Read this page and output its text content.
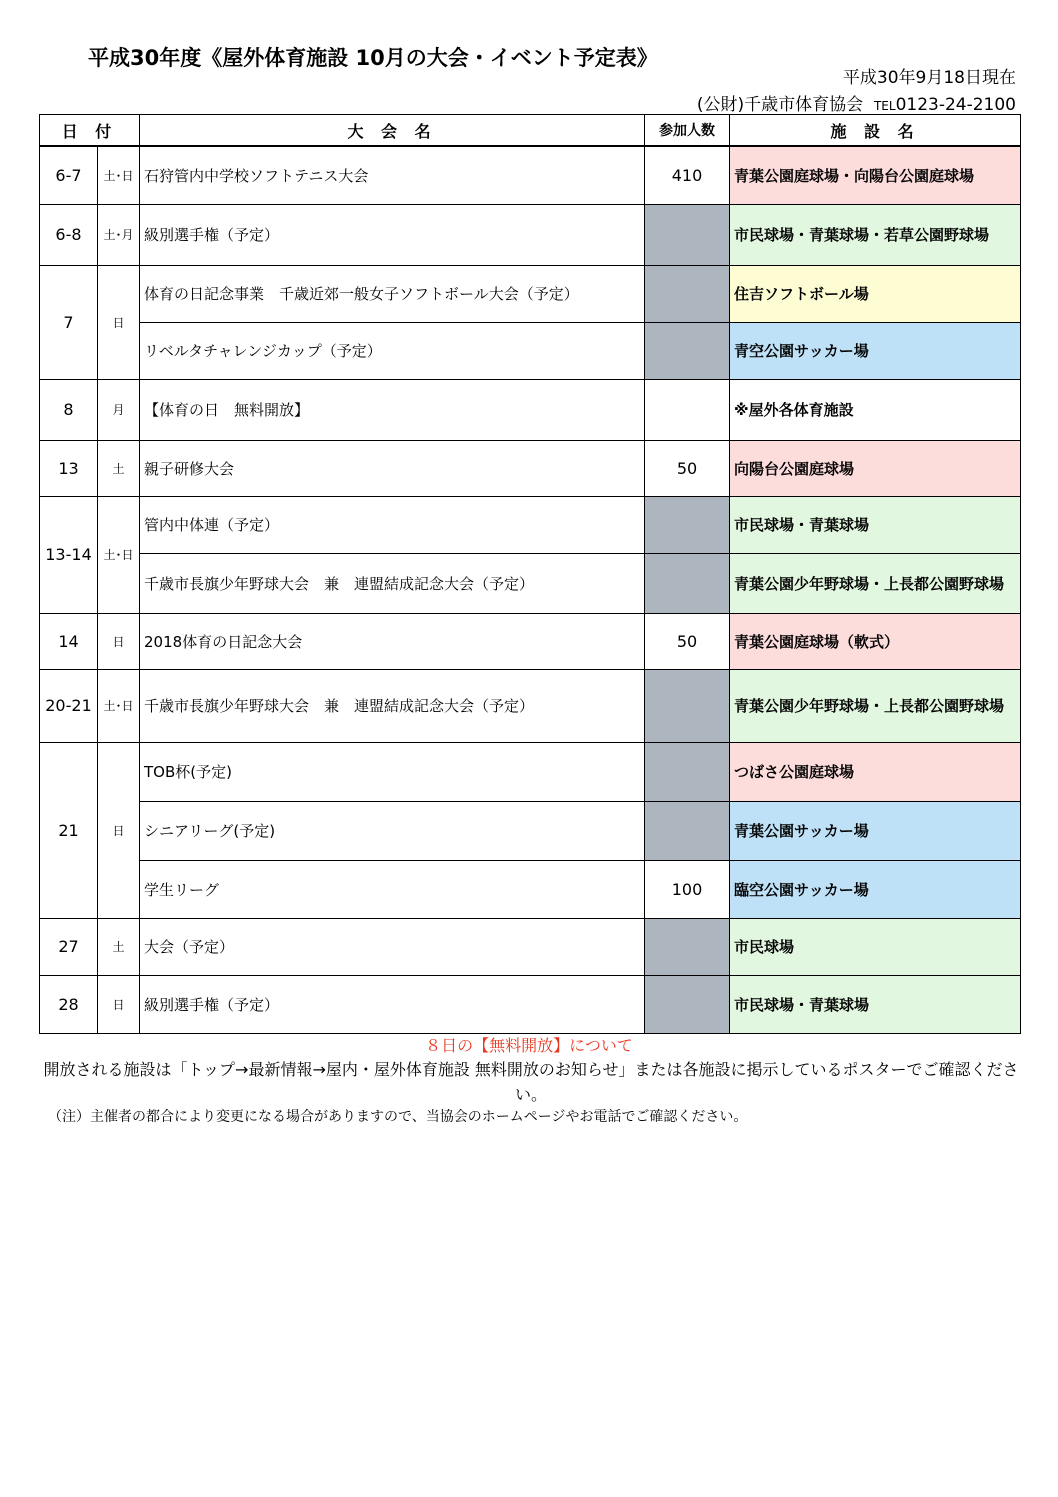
平成30年度《屋外体育施設 10月の大会・イベント予定表》
平成30年9月18日現在
(公財)千歳市体育協会 TEL0123-24-2100
日 付		大 会 名	参加人数	施 設 名
6-7	土･日	石狩管内中学校ソフトテニス大会	410	青葉公園庭球場・向陽台公園庭球場
6-8	土･月	級別選手権（予定）		市民球場・青葉球場・若草公園野球場
7	日	体育の日記念事業　千歳近郊一般女子ソフトボール大会（予定）		住吉ソフトボール場
		リベルタチャレンジカップ（予定）		青空公園サッカー場
8	月	【体育の日　無料開放】		※屋外各体育施設
13	土	親子研修大会	50	向陽台公園庭球場
13-14	土･日	管内中体連（予定）		市民球場・青葉球場
		千歳市長旗少年野球大会　兼　連盟結成記念大会（予定）		青葉公園少年野球場・上長都公園野球場
14	日	2018体育の日記念大会	50	青葉公園庭球場（軟式）
20-21	土･日	千歳市長旗少年野球大会　兼　連盟結成記念大会（予定）		青葉公園少年野球場・上長都公園野球場
21	日	TOB杯(予定)		つばさ公園庭球場
		シニアリーグ(予定)		青葉公園サッカー場
		学生リーグ	100	臨空公園サッカー場
27	土	大会（予定）		市民球場
28	日	級別選手権（予定）		市民球場・青葉球場
８日の【無料開放】について
開放される施設は「トップ→最新情報→屋内・屋外体育施設 無料開放のお知らせ」または各施設に掲示しているポスターでご確認ください。
（注）主催者の都合により変更になる場合がありますので、当協会のホームページやお電話でご確認ください。
